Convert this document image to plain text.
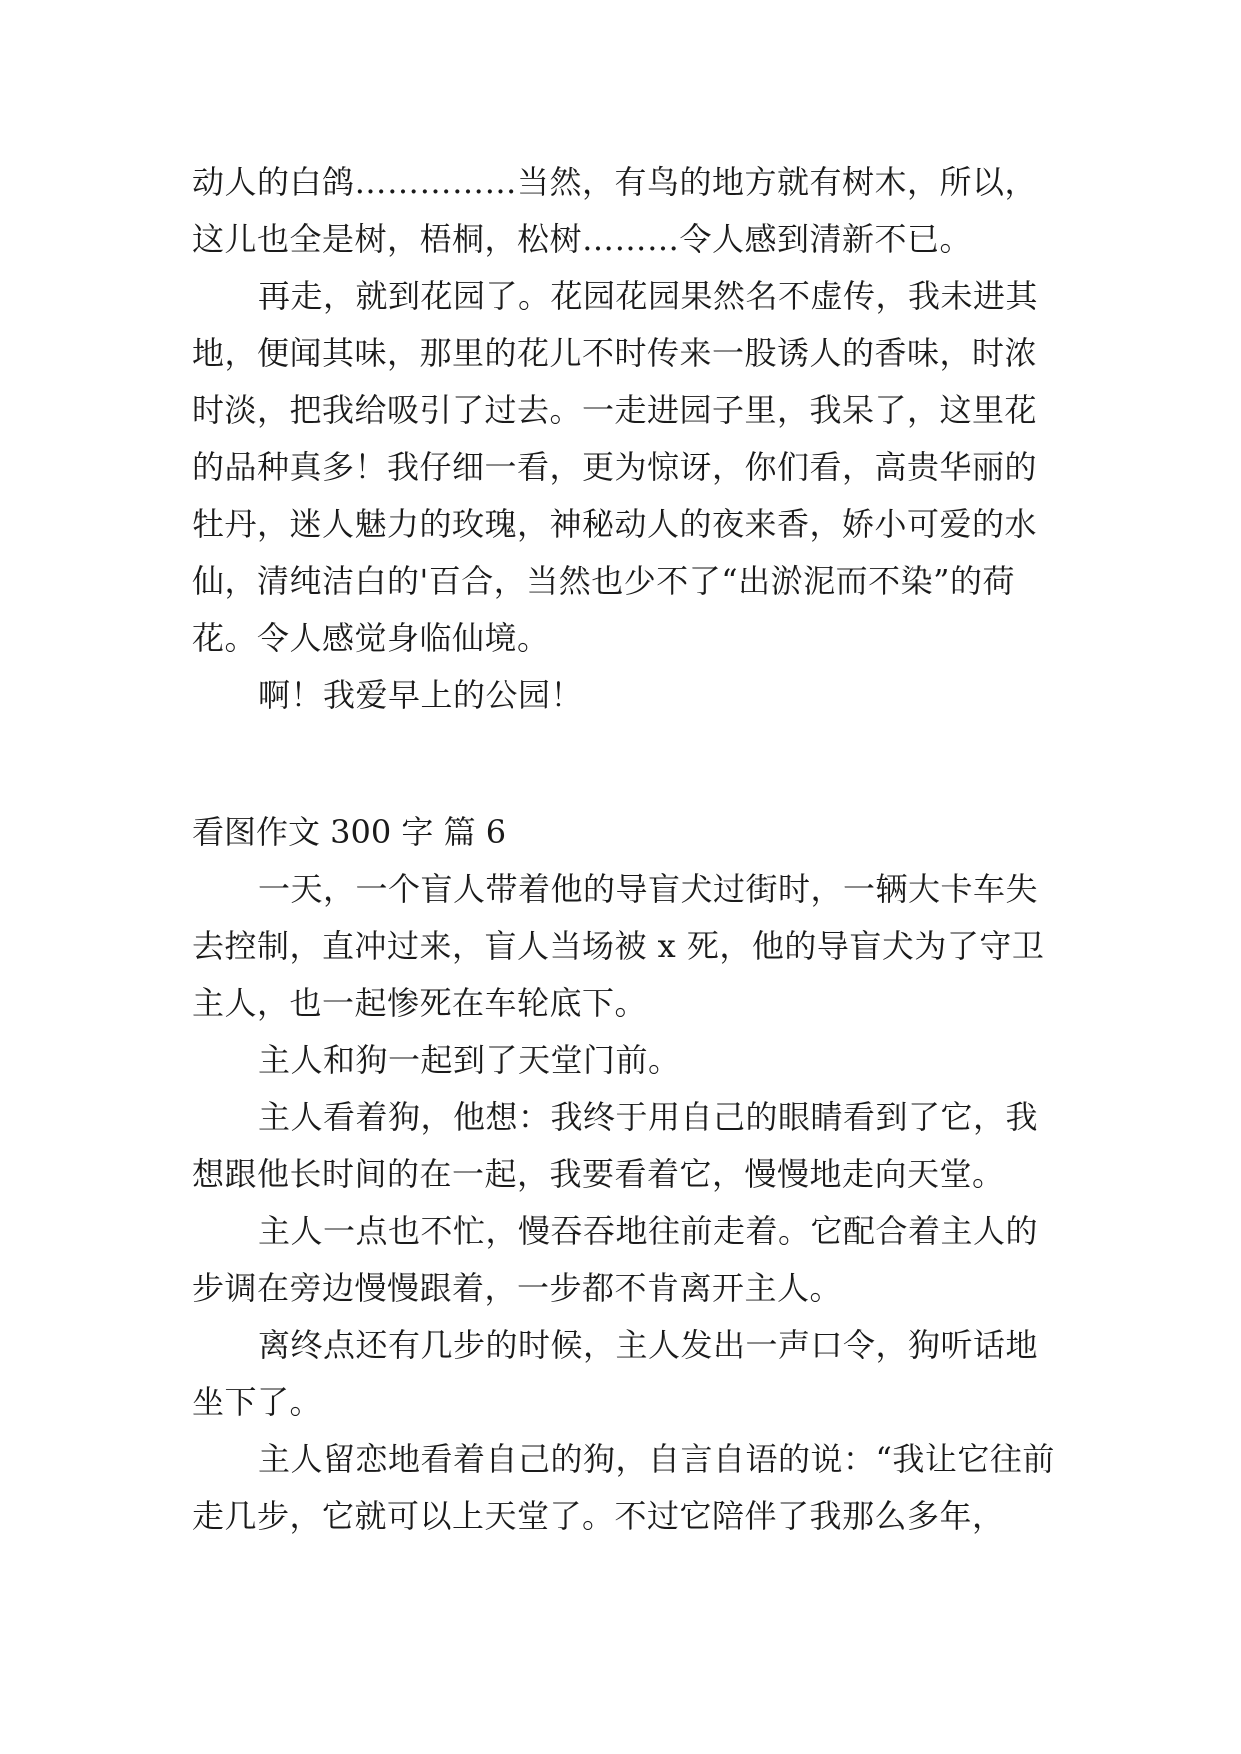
动人的白鸽……………当然，有鸟的地方就有树木，所以，这儿也全是树，梧桐，松树………令人感到清新不已。

再走，就到花园了。花园花园果然名不虚传，我未进其地，便闻其味，那里的花儿不时传来一股诱人的香味，时浓时淡，把我给吸引了过去。一走进园子里，我呆了，这里花的品种真多！我仔细一看，更为惊讶，你们看，高贵华丽的牡丹，迷人魅力的玫瑰，神秘动人的夜来香，娇小可爱的水仙，清纯洁白的'百合，当然也少不了“出淤泥而不染”的荷花。令人感觉身临仙境。

啊！我爱早上的公园！

看图作文 300 字 篇 6

一天，一个盲人带着他的导盲犬过街时，一辆大卡车失去控制，直冲过来，盲人当场被 x 死，他的导盲犬为了守卫主人，也一起惨死在车轮底下。

主人和狗一起到了天堂门前。

主人看着狗，他想：我终于用自己的眼睛看到了它，我想跟他长时间的在一起，我要看着它，慢慢地走向天堂。

主人一点也不忙，慢吞吞地往前走着。它配合着主人的步调在旁边慢慢跟着，一步都不肯离开主人。

离终点还有几步的时候，主人发出一声口令，狗听话地坐下了。

主人留恋地看着自己的狗，自言自语的说：“我让它往前走几步，它就可以上天堂了。不过它陪伴了我那么多年，
